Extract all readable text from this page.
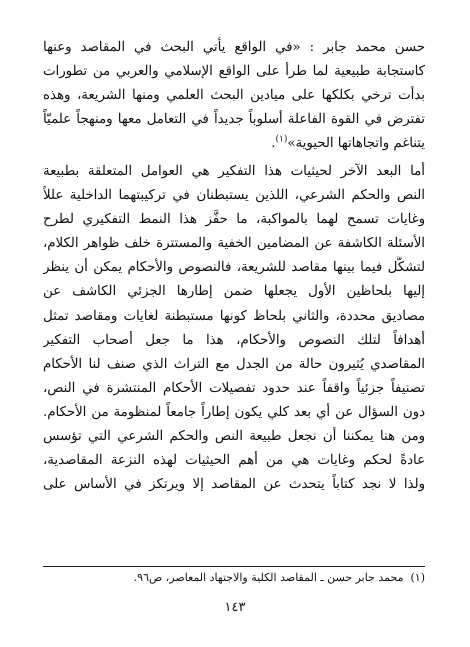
حسن محمد جابر : «في الواقع يأتي البحث في المقاصد وعنها
كاستجابة طبيعية لما طرأ على الواقع الإسلامي والعربي من تطورات
بدأت ترخي بكلكها على ميادين البحث العلمي ومنها الشريعة، وهذه
تفترض في القوة الفاعلة أسلوباً جديداً في التعامل معها ومنهجاً علميّاً
يتناغم واتجاهاتها الحيوية»$^{(١)}$.
أما البعد الآخر لحيثيات هذا التفكير هي العوامل المتعلقة بطبيعة
النص والحكم الشرعي، اللذين يستبطنان في تركيبتهما الداخلية عللاً
وغايات تسمح لهما بالمواكبة، ما حفَّز هذا النمط التفكيري لطرح
الأسئلة الكاشفة عن المضامين الخفية والمستترة خلف ظواهر الكلام،
لتشكُّل فيما بينها مقاصد للشريعة، فالنصوص والأحكام يمكن أن ينظر
إليها بلحاظين الأول يجعلها ضمن إطارها الجزئي الكاشف عن
مصاديق محددة، والثاني بلحاظ كونها مستبطنة لغايات ومقاصد تمثل
أهدافاً لتلك النصوص والأحكام، هذا ما جعل أصحاب التفكير
المقاصدي يُثيرون حالة من الجدل مع التراث الذي صنف لنا الأحكام
تصنيفاً جزئياً واقفاً عند حدود تفصيلات الأحكام المنتشرة في النص،
دون السؤال عن أي بعد كلي يكون إطاراً جامعاً لمنظومة من الأحكام.
ومن هنا يمكننا أن نجعل طبيعة النص والحكم الشرعي التي تؤسس
عادةً لحكم وغايات هي من أهم الحيثيات لهذه النزعة المقاصدية،
ولذا لا نجد كتاباً يتحدث عن المقاصد إلا ويرتكز في الأساس على
(١)  محمد جابر حسن ـ المقاصد الكلية والاجتهاد المعاصر، ص٩٦.
١٤٣
